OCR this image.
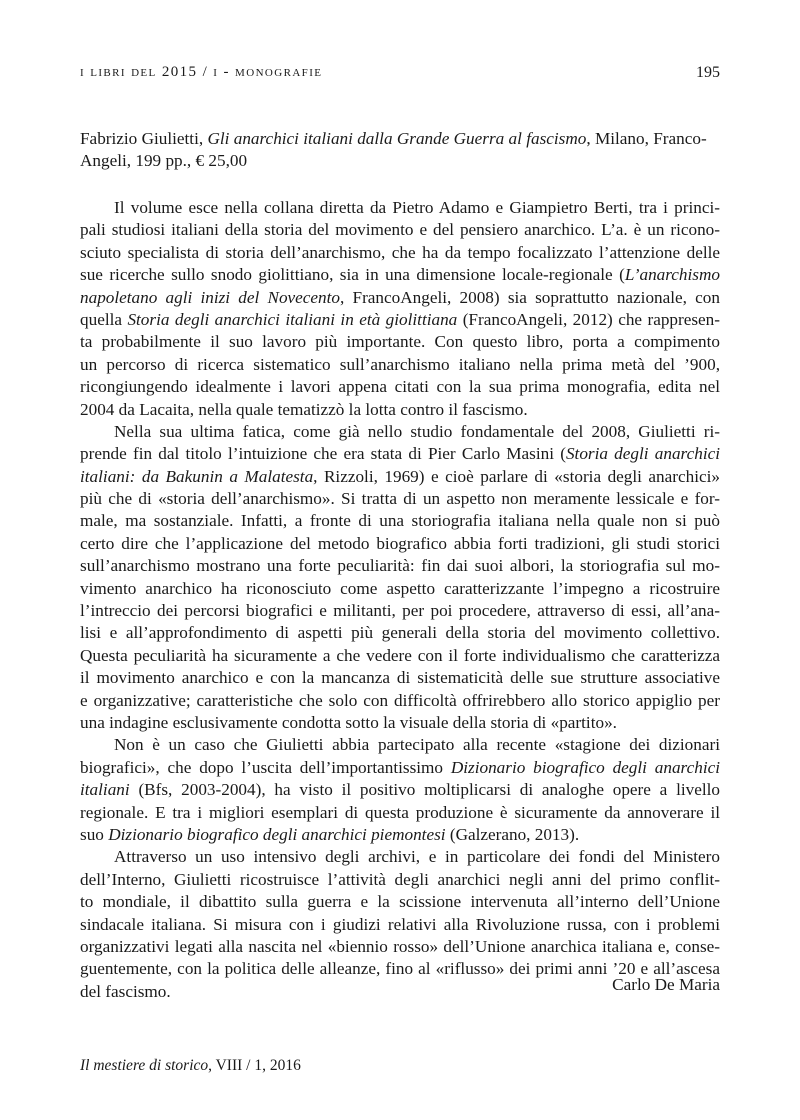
i libri del 2015 / i - monografie	195
Fabrizio Giulietti, Gli anarchici italiani dalla Grande Guerra al fascismo, Milano, Franco-
Angeli, 199 pp., € 25,00
Il volume esce nella collana diretta da Pietro Adamo e Giampietro Berti, tra i princi-
pali studiosi italiani della storia del movimento e del pensiero anarchico. L’a. è un ricono-
sciuto specialista di storia dell’anarchismo, che ha da tempo focalizzato l’attenzione delle
sue ricerche sullo snodo giolittiano, sia in una dimensione locale-regionale (L’anarchismo
napoletano agli inizi del Novecento, FrancoAngeli, 2008) sia soprattutto nazionale, con
quella Storia degli anarchici italiani in età giolittiana (FrancoAngeli, 2012) che rappresen-
ta probabilmente il suo lavoro più importante. Con questo libro, porta a compimento
un percorso di ricerca sistematico sull’anarchismo italiano nella prima metà del ’900,
ricongiungendo idealmente i lavori appena citati con la sua prima monografia, edita nel
2004 da Lacaita, nella quale tematizzò la lotta contro il fascismo.
Nella sua ultima fatica, come già nello studio fondamentale del 2008, Giulietti ri-
prende fin dal titolo l’intuizione che era stata di Pier Carlo Masini (Storia degli anarchici
italiani: da Bakunin a Malatesta, Rizzoli, 1969) e cioè parlare di «storia degli anarchici»
più che di «storia dell’anarchismo». Si tratta di un aspetto non meramente lessicale e for-
male, ma sostanziale. Infatti, a fronte di una storiografia italiana nella quale non si può
certo dire che l’applicazione del metodo biografico abbia forti tradizioni, gli studi storici
sull’anarchismo mostrano una forte peculiarità: fin dai suoi albori, la storiografia sul mo-
vimento anarchico ha riconosciuto come aspetto caratterizzante l’impegno a ricostruire
l’intreccio dei percorsi biografici e militanti, per poi procedere, attraverso di essi, all’ana-
lisi e all’approfondimento di aspetti più generali della storia del movimento collettivo.
Questa peculiarità ha sicuramente a che vedere con il forte individualismo che caratterizza
il movimento anarchico e con la mancanza di sistematicità delle sue strutture associative
e organizzative; caratteristiche che solo con difficoltà offrirebbero allo storico appiglio per
una indagine esclusivamente condotta sotto la visuale della storia di «partito».
Non è un caso che Giulietti abbia partecipato alla recente «stagione dei dizionari
biografici», che dopo l’uscita dell’importantissimo Dizionario biografico degli anarchici
italiani (Bfs, 2003-2004), ha visto il positivo moltiplicarsi di analoghe opere a livello
regionale. E tra i migliori esemplari di questa produzione è sicuramente da annoverare il
suo Dizionario biografico degli anarchici piemontesi (Galzerano, 2013).
Attraverso un uso intensivo degli archivi, e in particolare dei fondi del Ministero
dell’Interno, Giulietti ricostruisce l’attività degli anarchici negli anni del primo conflit-
to mondiale, il dibattito sulla guerra e la scissione intervenuta all’interno dell’Unione
sindacale italiana. Si misura con i giudizi relativi alla Rivoluzione russa, con i problemi
organizzativi legati alla nascita nel «biennio rosso» dell’Unione anarchica italiana e, conse-
guentemente, con la politica delle alleanze, fino al «riflusso» dei primi anni ’20 e all’ascesa
del fascismo.	Carlo De Maria
Il mestiere di storico, VIII / 1, 2016
